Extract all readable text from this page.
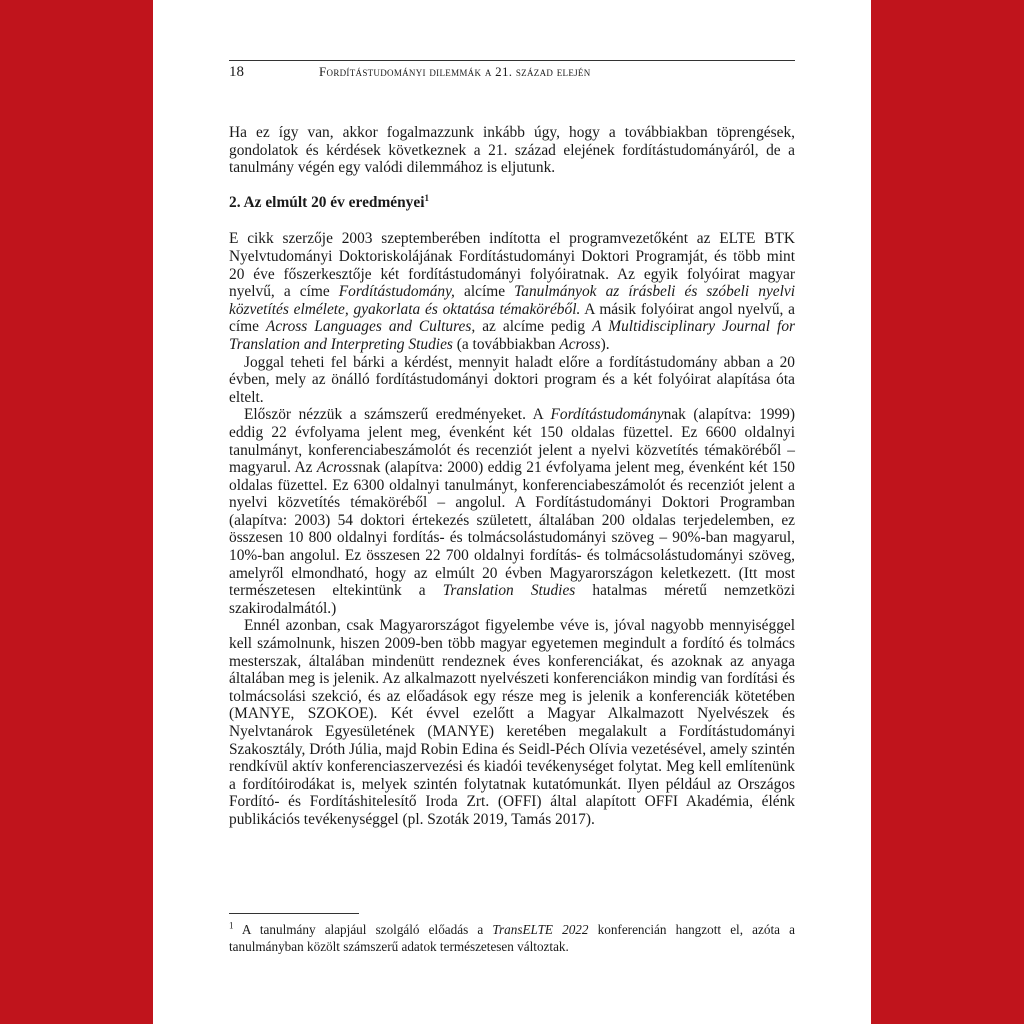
18	Fordítástudományi dilemmák a 21. század elején

Ha ez így van, akkor fogalmazzunk inkább úgy, hogy a továbbiakban töprengések, gondolatok és kérdések következnek a 21. század elejének fordítástudományáról, de a tanulmány végén egy valódi dilemmához is eljutunk.

2. Az elmúlt 20 év eredményei$^1$

E cikk szerzője 2003 szeptemberében indította el programvezetőként az ELTE BTK Nyelvtudományi Doktoriskolájának Fordítástudományi Doktori Programját, és több mint 20 éve főszerkesztője két fordítástudományi folyóiratnak. Az egyik folyóirat magyar nyelvű, a címe Fordítástudomány, alcíme Tanulmányok az írásbeli és szóbeli nyelvi közvetítés elmélete, gyakorlata és oktatása témaköréből. A másik folyóirat angol nyelvű, a címe Across Languages and Cultures, az alcíme pedig A Multidisciplinary Journal for Translation and Interpreting Studies (a továbbiakban Across).

Joggal teheti fel bárki a kérdést, mennyit haladt előre a fordítástudomány abban a 20 évben, mely az önálló fordítástudományi doktori program és a két folyóirat alapítása óta eltelt.

Először nézzük a számszerű eredményeket. A Fordítástudománynak (alapítva: 1999) eddig 22 évfolyama jelent meg, évenként két 150 oldalas füzettel. Ez 6600 oldalnyi tanulmányt, konferenciabeszámolót és recenziót jelent a nyelvi közvetítés témaköréből – magyarul. Az Acrossnak (alapítva: 2000) eddig 21 évfolyama jelent meg, évenként két 150 oldalas füzettel. Ez 6300 oldalnyi tanulmányt, konferenciabeszámolót és recenziót jelent a nyelvi közvetítés témaköréből – angolul. A Fordítástudományi Doktori Programban (alapítva: 2003) 54 doktori értekezés született, általában 200 oldalas terjedelemben, ez összesen 10 800 oldalnyi fordítás- és tolmácsolástudományi szöveg – 90%-ban magyarul, 10%-ban angolul. Ez összesen 22 700 oldalnyi fordítás- és tolmácsolástudományi szöveg, amelyről elmondható, hogy az elmúlt 20 évben Magyarországon keletkezett. (Itt most természetesen eltekintünk a Translation Studies hatalmas méretű nemzetközi szakirodalmától.)

Ennél azonban, csak Magyarországot figyelembe véve is, jóval nagyobb mennyiséggel kell számolnunk, hiszen 2009-ben több magyar egyetemen megindult a fordító és tolmács mesterszak, általában mindenütt rendeznek éves konferenciákat, és azoknak az anyaga általában meg is jelenik. Az alkalmazott nyelvészeti konferenciákon mindig van fordítási és tolmácsolási szekció, és az előadások egy része meg is jelenik a konferenciák kötetében (MANYE, SZOKOE). Két évvel ezelőtt a Magyar Alkalmazott Nyelvészek és Nyelvtanárok Egyesületének (MANYE) keretében megalakult a Fordítástudományi Szakosztály, Dróth Júlia, majd Robin Edina és Seidl-Péch Olívia vezetésével, amely szintén rendkívül aktív konferenciaszervezési és kiadói tevékenységet folytat. Meg kell említenünk a fordítóirodákat is, melyek szintén folytatnak kutatómunkát. Ilyen például az Országos Fordító- és Fordításhitelesítő Iroda Zrt. (OFFI) által alapított OFFI Akadémia, élénk publikációs tevékenységgel (pl. Szoták 2019, Tamás 2017).

$^1$ A tanulmány alapjául szolgáló előadás a TransELTE 2022 konferencián hangzott el, azóta a tanulmányban közölt számszerű adatok természetesen változtak.
